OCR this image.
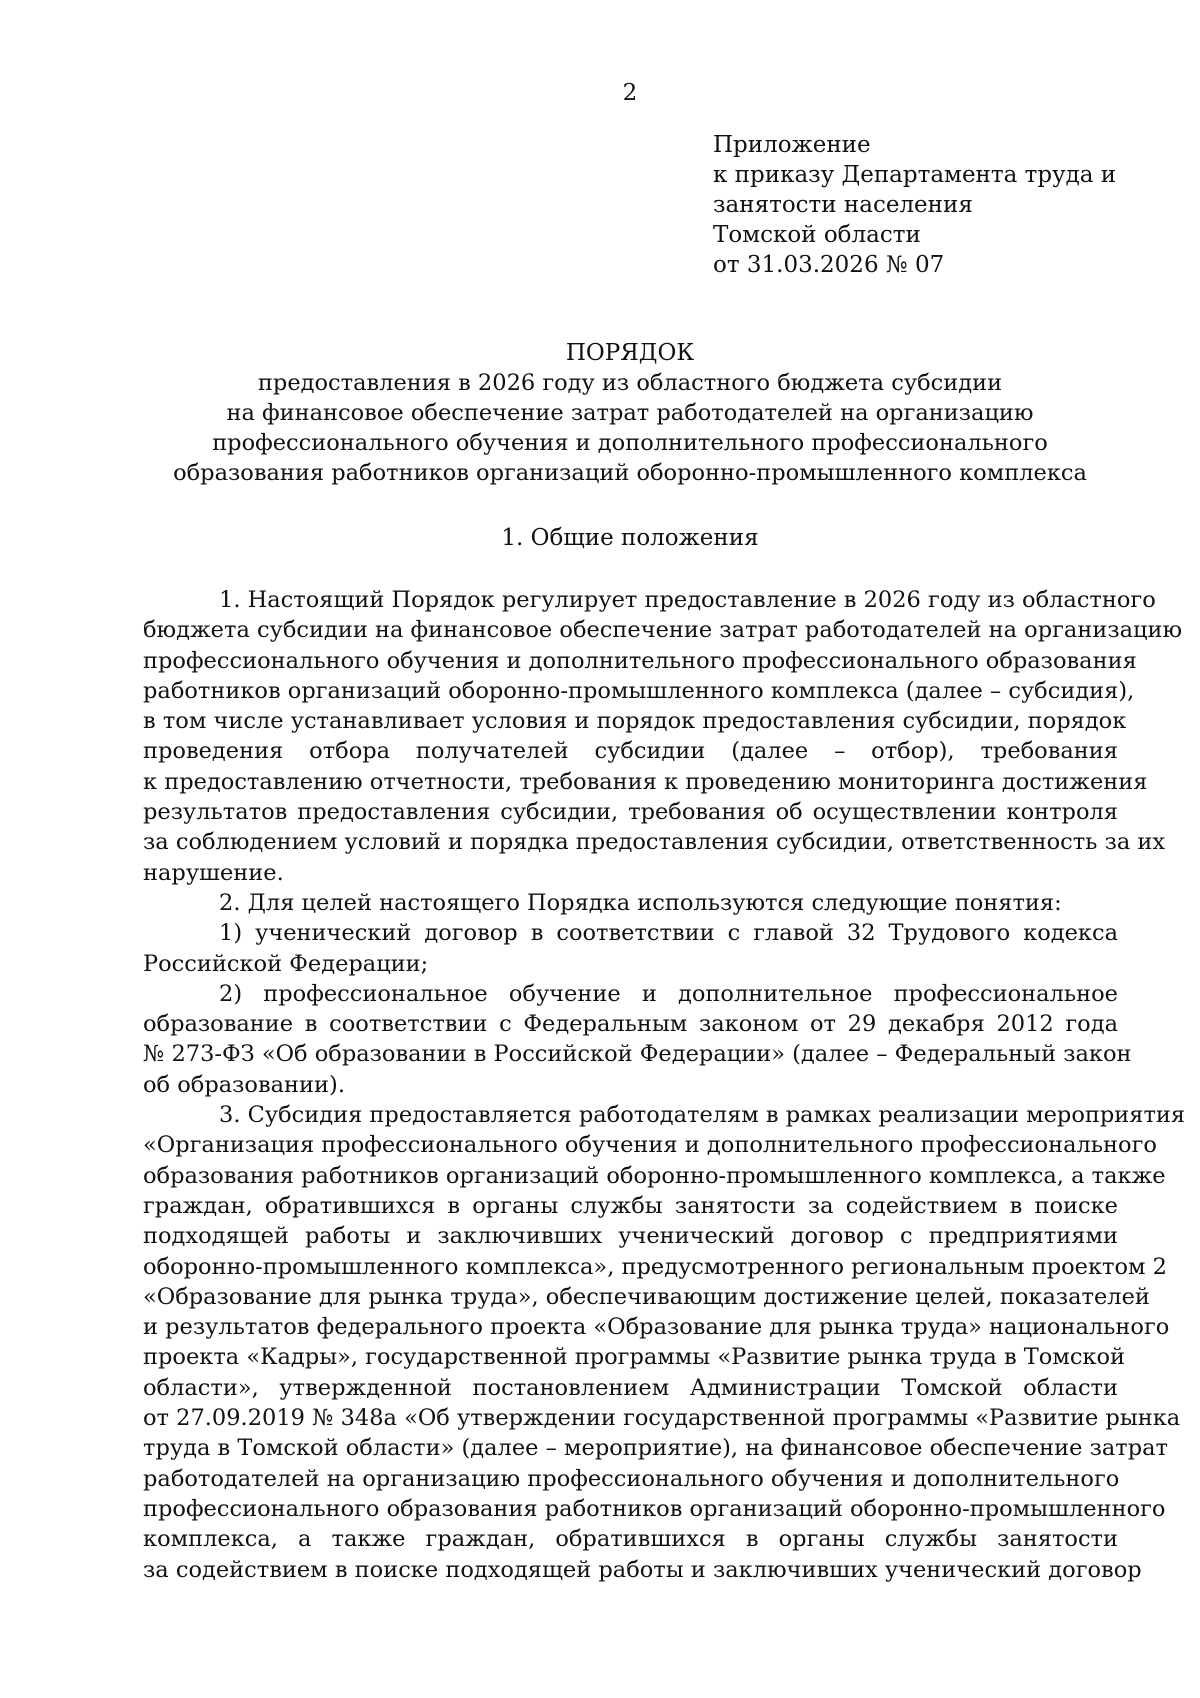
2
Приложение
к приказу Департамента труда и
занятости населения
Томской области
от 31.03.2026 № 07
ПОРЯДОК
предоставления в 2026 году из областного бюджета субсидии
на финансовое обеспечение затрат работодателей на организацию
профессионального обучения и дополнительного профессионального
образования работников организаций оборонно-промышленного комплекса
1. Общие положения
1. Настоящий Порядок регулирует предоставление в 2026 году из областного
бюджета субсидии на финансовое обеспечение затрат работодателей на организацию
профессионального обучения и дополнительного профессионального образования
работников организаций оборонно-промышленного комплекса (далее – субсидия),
в том числе устанавливает условия и порядок предоставления субсидии, порядок
проведения отбора получателей субсидии (далее – отбор), требования
к предоставлению отчетности, требования к проведению мониторинга достижения
результатов предоставления субсидии, требования об осуществлении контроля
за соблюдением условий и порядка предоставления субсидии, ответственность за их
нарушение.
2. Для целей настоящего Порядка используются следующие понятия:
1) ученический договор в соответствии с главой 32 Трудового кодекса
Российской Федерации;
2) профессиональное обучение и дополнительное профессиональное
образование в соответствии с Федеральным законом от 29 декабря 2012 года
№ 273-ФЗ «Об образовании в Российской Федерации» (далее – Федеральный закон
об образовании).
3. Субсидия предоставляется работодателям в рамках реализации мероприятия
«Организация профессионального обучения и дополнительного профессионального
образования работников организаций оборонно-промышленного комплекса, а также
граждан, обратившихся в органы службы занятости за содействием в поиске
подходящей работы и заключивших ученический договор с предприятиями
оборонно-промышленного комплекса», предусмотренного региональным проектом 2
«Образование для рынка труда», обеспечивающим достижение целей, показателей
и результатов федерального проекта «Образование для рынка труда» национального
проекта «Кадры», государственной программы «Развитие рынка труда в Томской
области», утвержденной постановлением Администрации Томской области
от 27.09.2019 № 348а «Об утверждении государственной программы «Развитие рынка
труда в Томской области» (далее – мероприятие), на финансовое обеспечение затрат
работодателей на организацию профессионального обучения и дополнительного
профессионального образования работников организаций оборонно-промышленного
комплекса, а также граждан, обратившихся в органы службы занятости
за содействием в поиске подходящей работы и заключивших ученический договор
